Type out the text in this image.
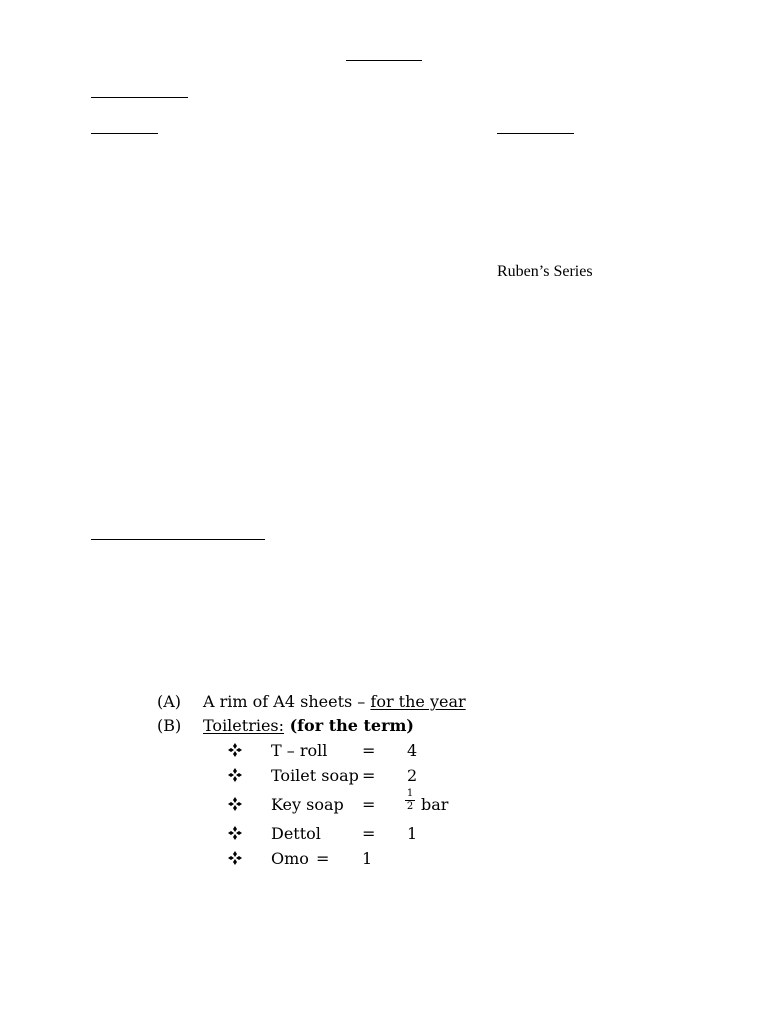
Ruben’s Series
(A) A rim of A4 sheets – for the year
(B) Toiletries: (for the term)
T – roll = 4
Toilet soap = 2
Key soap =	$\frac{1}{2}$ bar
Dettol	= 1
Omo = 1
